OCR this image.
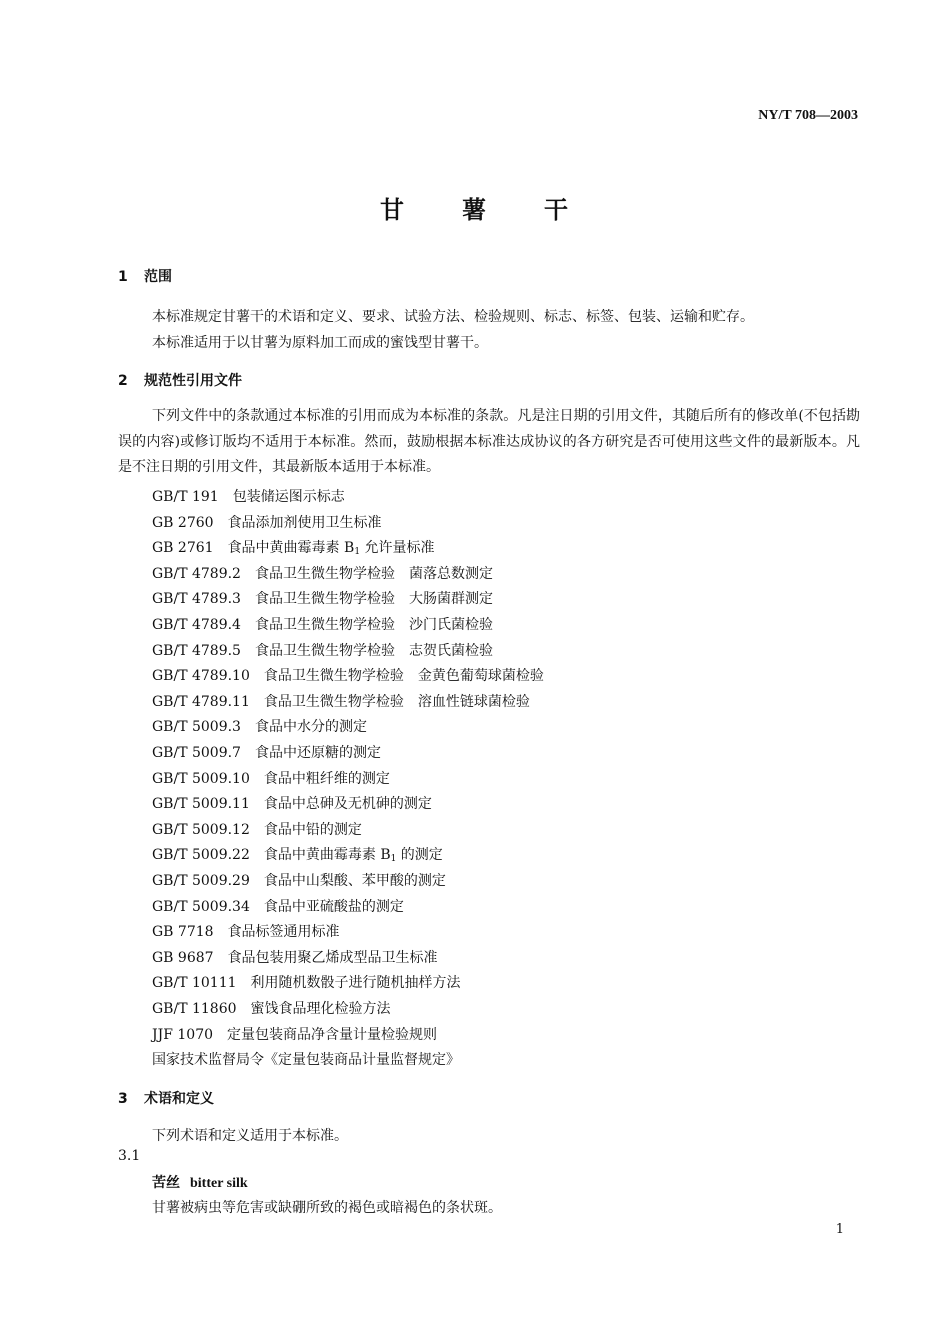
NY/T 708—2003
甘 薯 干
1 范围
本标准规定甘薯干的术语和定义、要求、试验方法、检验规则、标志、标签、包装、运输和贮存。
本标准适用于以甘薯为原料加工而成的蜜饯型甘薯干。
2 规范性引用文件
下列文件中的条款通过本标准的引用而成为本标准的条款。凡是注日期的引用文件，其随后所有的修改单(不包括勘误的内容)或修订版均不适用于本标准。然而，鼓励根据本标准达成协议的各方研究是否可使用这些文件的最新版本。凡是不注日期的引用文件，其最新版本适用于本标准。
GB/T 191 包装储运图示标志
GB 2760 食品添加剂使用卫生标准
GB 2761 食品中黄曲霉毒素 $B_1$ 允许量标准
GB/T 4789.2 食品卫生微生物学检验　菌落总数测定
GB/T 4789.3 食品卫生微生物学检验　大肠菌群测定
GB/T 4789.4 食品卫生微生物学检验　沙门氏菌检验
GB/T 4789.5 食品卫生微生物学检验　志贺氏菌检验
GB/T 4789.10 食品卫生微生物学检验　金黄色葡萄球菌检验
GB/T 4789.11 食品卫生微生物学检验　溶血性链球菌检验
GB/T 5009.3 食品中水分的测定
GB/T 5009.7 食品中还原糖的测定
GB/T 5009.10 食品中粗纤维的测定
GB/T 5009.11 食品中总砷及无机砷的测定
GB/T 5009.12 食品中铅的测定
GB/T 5009.22 食品中黄曲霉毒素 $B_1$ 的测定
GB/T 5009.29 食品中山梨酸、苯甲酸的测定
GB/T 5009.34 食品中亚硫酸盐的测定
GB 7718 食品标签通用标准
GB 9687 食品包装用聚乙烯成型品卫生标准
GB/T 10111 利用随机数骰子进行随机抽样方法
GB/T 11860 蜜饯食品理化检验方法
JJF 1070 定量包装商品净含量计量检验规则
国家技术监督局令《定量包装商品计量监督规定》
3 术语和定义
下列术语和定义适用于本标准。
3.1
苦丝 bitter silk
甘薯被病虫等危害或缺硼所致的褐色或暗褐色的条状斑。
1
